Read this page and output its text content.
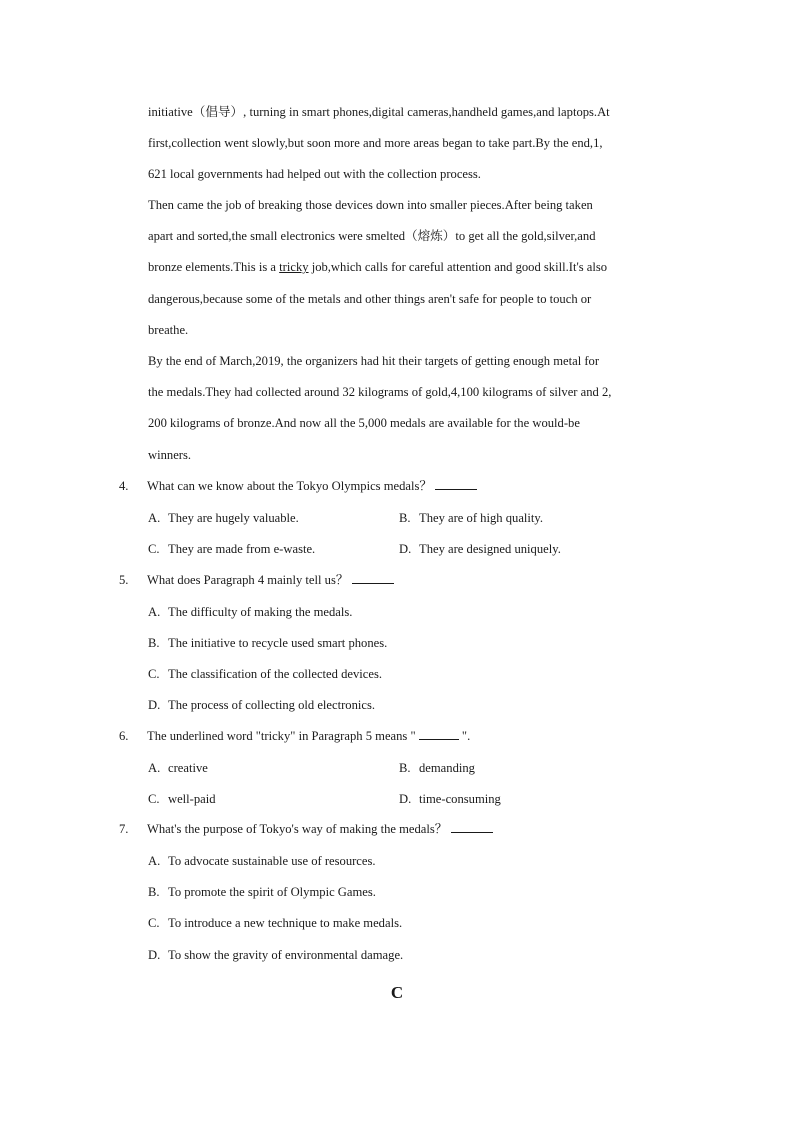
initiative（倡导）, turning in smart phones,digital cameras,handheld games,and laptops.At
first,collection went slowly,but soon more and more areas began to take part.By the end,1,
621 local governments had helped out with the collection process.
Then came the job of breaking those devices down into smaller pieces.After being taken
apart and sorted,the small electronics were smelted（熔炼）to get all the gold,silver,and
bronze elements.This is a tricky job,which calls for careful attention and good skill.It's also
dangerous,because some of the metals and other things aren't safe for people to touch or
breathe.
By the end of March,2019, the organizers had hit their targets of getting enough metal for
the medals.They had collected around 32 kilograms of gold,4,100 kilograms of silver and 2,
200 kilograms of bronze.And now all the 5,000 medals are available for the would-be
winners.
4. What can we know about the Tokyo Olympics medals？
A. They are hugely valuable.	B. They are of high quality.
C. They are made from e-waste.	D. They are designed uniquely.
5. What does Paragraph 4 mainly tell us？
A. The difficulty of making the medals.
B. The initiative to recycle used smart phones.
C. The classification of the collected devices.
D. The process of collecting old electronics.
6. The underlined word "tricky" in Paragraph 5 means "	".
A. creative	B. demanding
C. well-paid	D. time-consuming
7. What's the purpose of Tokyo's way of making the medals？
A. To advocate sustainable use of resources.
B. To promote the spirit of Olympic Games.
C. To introduce a new technique to make medals.
D. To show the gravity of environmental damage.
C
